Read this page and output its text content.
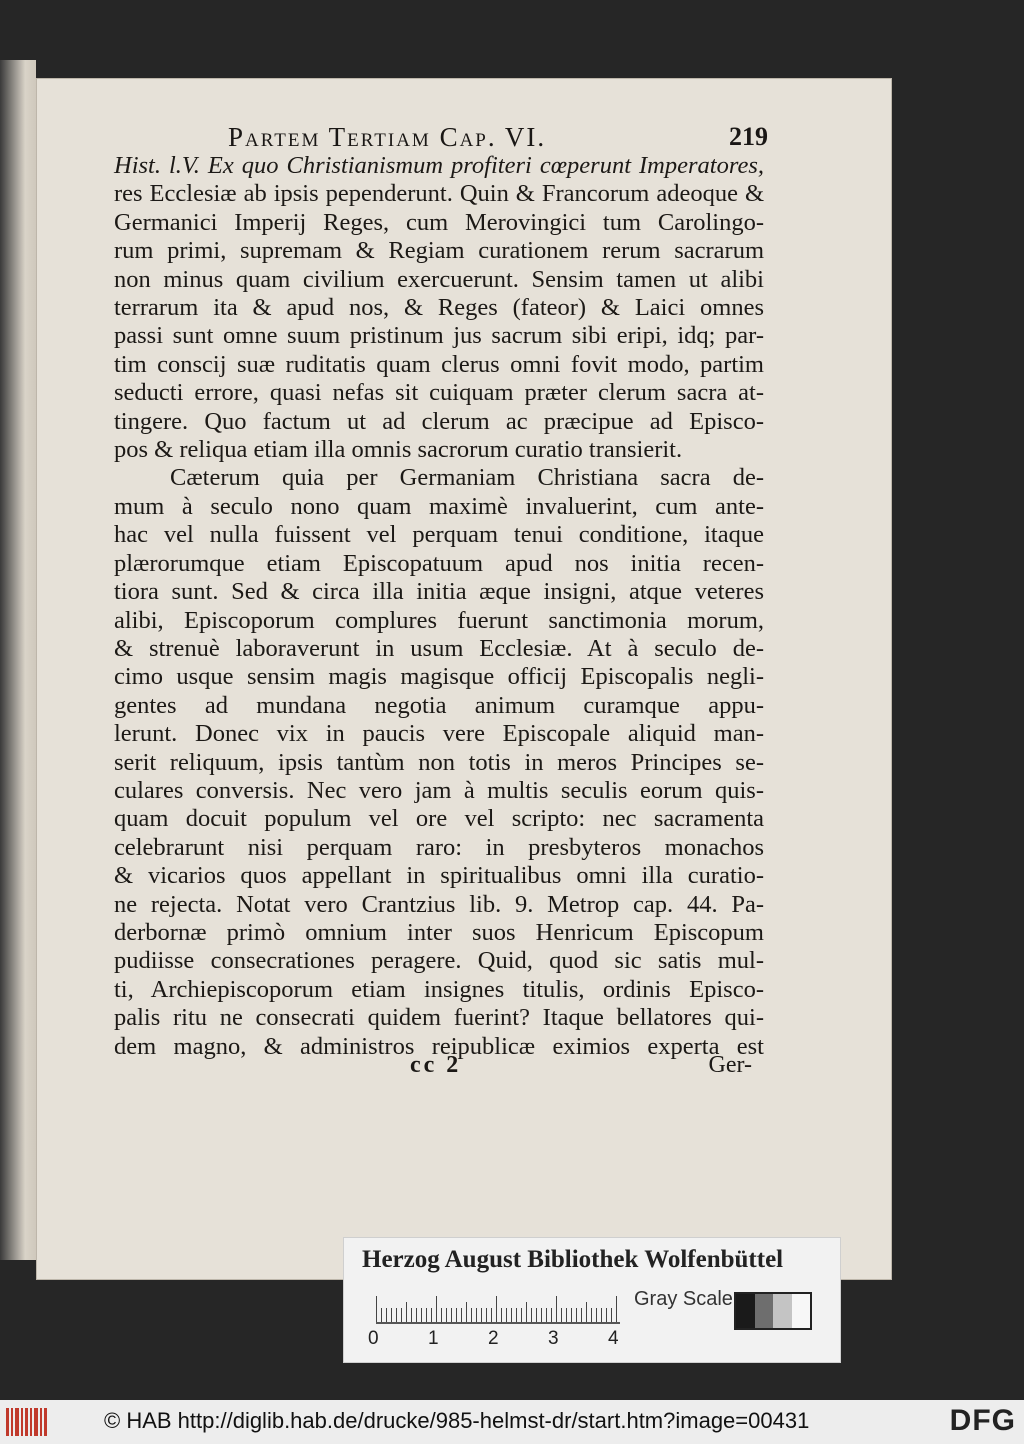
Partem Tertiam Cap. VI.	219
Hist. l.V. Ex quo Christianismum profiteri cœperunt Imperatores,
res Ecclesiæ ab ipsis pependerunt. Quin & Francorum adeoque &
Germanici Imperij Reges, cum Merovingici tum Carolingo-
rum primi, supremam & Regiam curationem rerum sacrarum
non minus quam civilium exercuerunt. Sensim tamen ut alibi
terrarum ita & apud nos, & Reges (fateor) & Laici omnes
passi sunt omne suum pristinum jus sacrum sibi eripi, idq; par-
tim conscij suæ ruditatis quam clerus omni fovit modo, partim
seducti errore, quasi nefas sit cuiquam præter clerum sacra at-
tingere. Quo factum ut ad clerum ac præcipue ad Episco-
pos & reliqua etiam illa omnis sacrorum curatio transierit.
Cæterum quia per Germaniam Christiana sacra de-
mum à seculo nono quam maximè invaluerint, cum ante-
hac vel nulla fuissent vel perquam tenui conditione, itaque
plærorumque etiam Episcopatuum apud nos initia recen-
tiora sunt. Sed & circa illa initia æque insigni, atque veteres
alibi, Episcoporum complures fuerunt sanctimonia morum,
& strenuè laboraverunt in usum Ecclesiæ. At à seculo de-
cimo usque sensim magis magisque officij Episcopalis negli-
gentes ad mundana negotia animum curamque appu-
lerunt. Donec vix in paucis vere Episcopale aliquid man-
serit reliquum, ipsis tantùm non totis in meros Principes se-
culares conversis. Nec vero jam à multis seculis eorum quis-
quam docuit populum vel ore vel scripto: nec sacramenta
celebrarunt nisi perquam raro: in presbyteros monachos
& vicarios quos appellant in spiritualibus omni illa curatio-
ne rejecta. Notat vero Crantzius lib. 9. Metrop cap. 44. Pa-
derbornæ primò omnium inter suos Henricum Episcopum
pudiisse consecrationes peragere. Quid, quod sic satis mul-
ti, Archiepiscoporum etiam insignes titulis, ordinis Episco-
palis ritu ne consecrati quidem fuerint? Itaque bellatores qui-
dem magno, & administros reipublicæ eximios experta est
cc 2	Ger-
Herzog August Bibliothek Wolfenbüttel
0	1	2	3	4
Gray Scale
© HAB http://diglib.hab.de/drucke/985-helmst-dr/start.htm?image=00431	DFG
